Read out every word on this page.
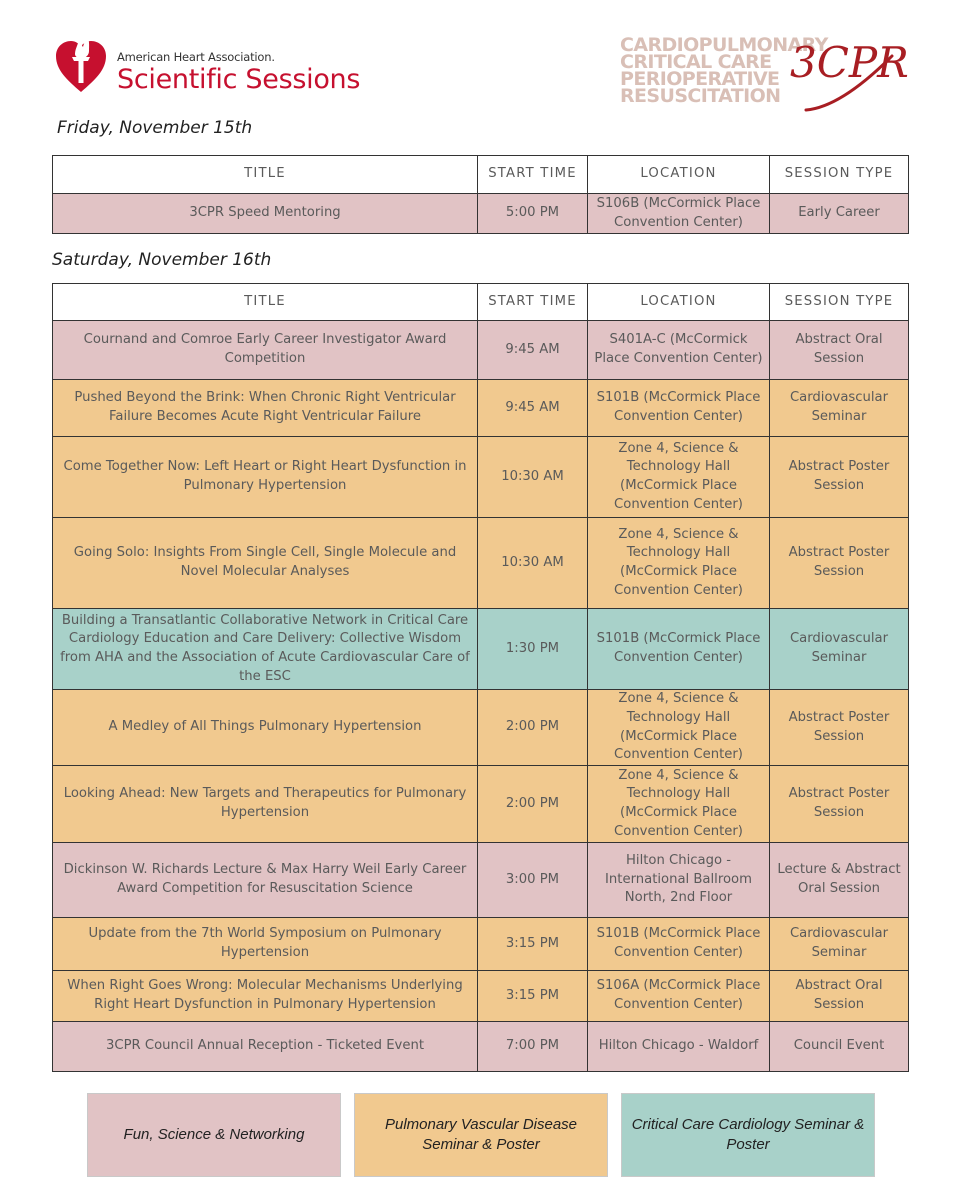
American Heart Association.
Scientific Sessions
CARDIOPULMONARY
CRITICAL CARE
PERIOPERATIVE
RESUSCITATION
3CPR
Friday, November 15th
TITLE	START TIME	LOCATION	SESSION TYPE
3CPR Speed Mentoring	5:00 PM	S106B (McCormick Place Convention Center)	Early Career
Saturday, November 16th
TITLE	START TIME	LOCATION	SESSION TYPE
Cournand and Comroe Early Career Investigator Award Competition	9:45 AM	S401A-C (McCormick Place Convention Center)	Abstract Oral Session
Pushed Beyond the Brink: When Chronic Right Ventricular Failure Becomes Acute Right Ventricular Failure	9:45 AM	S101B (McCormick Place Convention Center)	Cardiovascular Seminar
Come Together Now: Left Heart or Right Heart Dysfunction in Pulmonary Hypertension	10:30 AM	Zone 4, Science & Technology Hall (McCormick Place Convention Center)	Abstract Poster Session
Going Solo: Insights From Single Cell, Single Molecule and Novel Molecular Analyses	10:30 AM	Zone 4, Science & Technology Hall (McCormick Place Convention Center)	Abstract Poster Session
Building a Transatlantic Collaborative Network in Critical Care Cardiology Education and Care Delivery: Collective Wisdom from AHA and the Association of Acute Cardiovascular Care of the ESC	1:30 PM	S101B (McCormick Place Convention Center)	Cardiovascular Seminar
A Medley of All Things Pulmonary Hypertension	2:00 PM	Zone 4, Science & Technology Hall (McCormick Place Convention Center)	Abstract Poster Session
Looking Ahead: New Targets and Therapeutics for Pulmonary Hypertension	2:00 PM	Zone 4, Science & Technology Hall (McCormick Place Convention Center)	Abstract Poster Session
Dickinson W. Richards Lecture & Max Harry Weil Early Career Award Competition for Resuscitation Science	3:00 PM	Hilton Chicago - International Ballroom North, 2nd Floor	Lecture & Abstract Oral Session
Update from the 7th World Symposium on Pulmonary Hypertension	3:15 PM	S101B (McCormick Place Convention Center)	Cardiovascular Seminar
When Right Goes Wrong: Molecular Mechanisms Underlying Right Heart Dysfunction in Pulmonary Hypertension	3:15 PM	S106A (McCormick Place Convention Center)	Abstract Oral Session
3CPR Council Annual Reception - Ticketed Event	7:00 PM	Hilton Chicago - Waldorf	Council Event
Fun, Science & Networking
Pulmonary Vascular Disease Seminar & Poster
Critical Care Cardiology Seminar & Poster
